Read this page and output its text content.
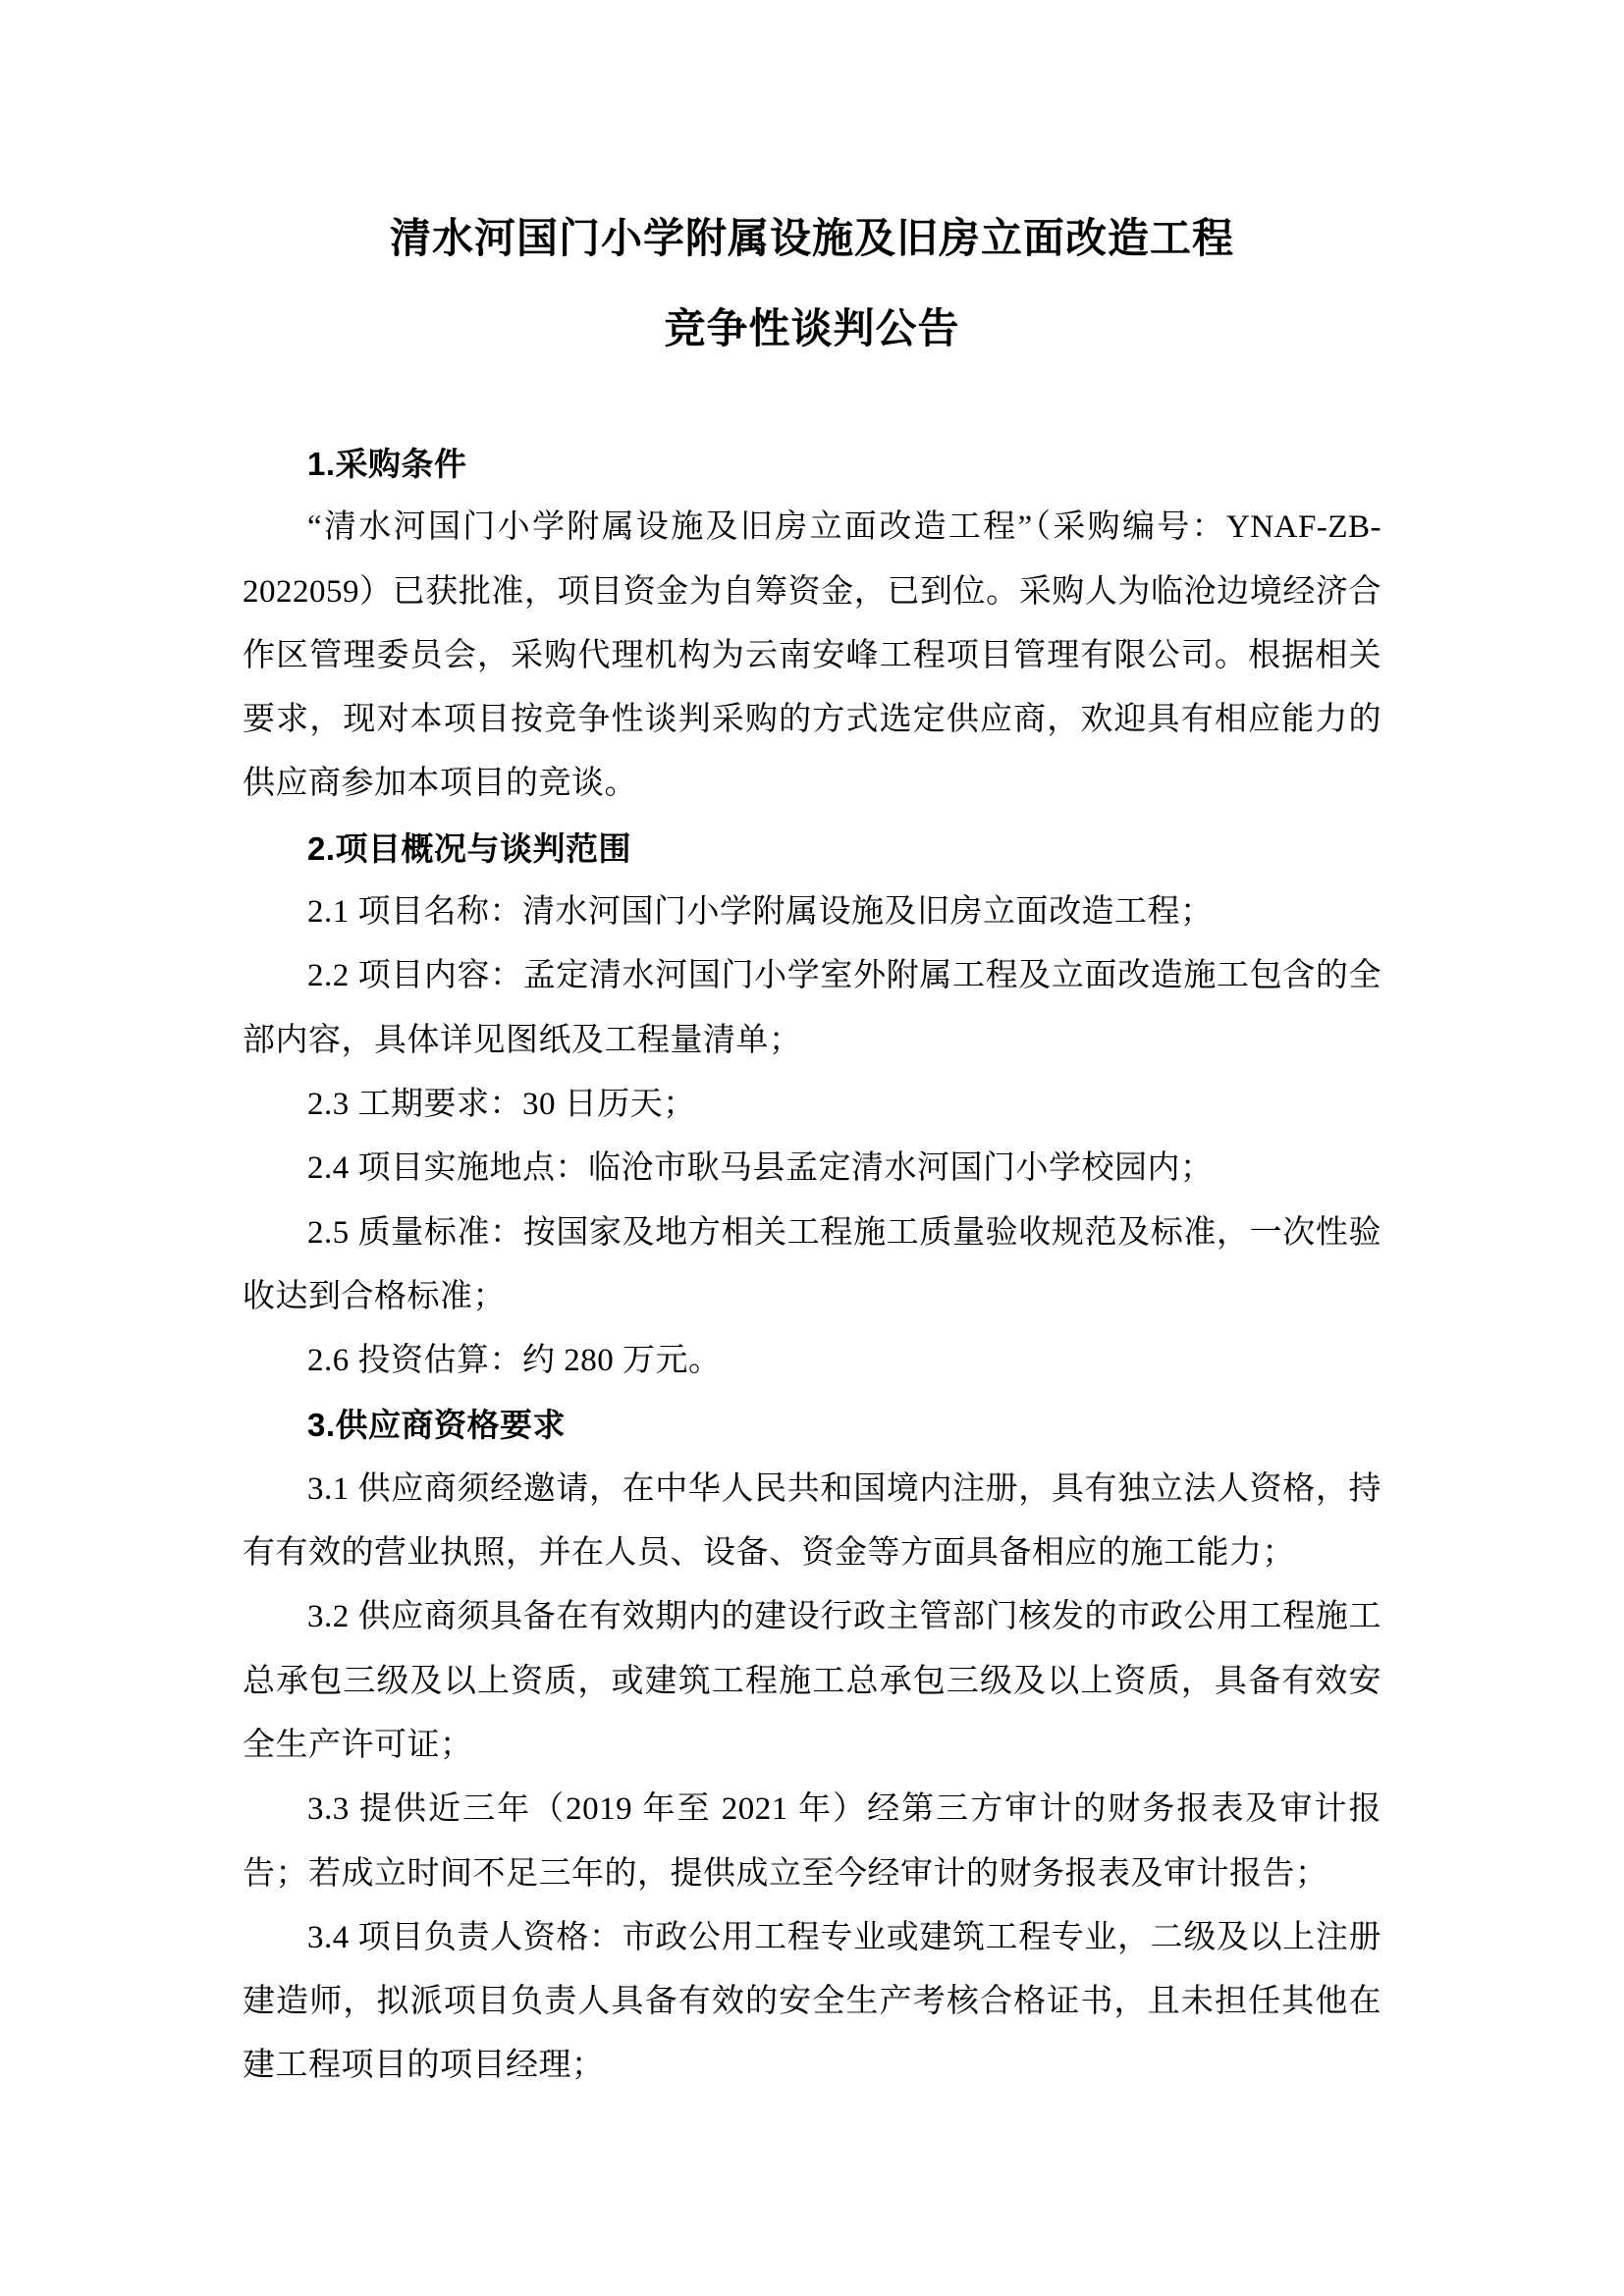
清水河国门小学附属设施及旧房立面改造工程
竞争性谈判公告
1.采购条件

“清水河国门小学附属设施及旧房立面改造工程”（采购编号：YNAF-ZB-2022059）已获批准，项目资金为自筹资金，已到位。采购人为临沧边境经济合作区管理委员会，采购代理机构为云南安峰工程项目管理有限公司。根据相关要求，现对本项目按竞争性谈判采购的方式选定供应商，欢迎具有相应能力的供应商参加本项目的竞谈。

2.项目概况与谈判范围

2.1 项目名称：清水河国门小学附属设施及旧房立面改造工程；

2.2 项目内容：孟定清水河国门小学室外附属工程及立面改造施工包含的全部内容，具体详见图纸及工程量清单；

2.3 工期要求：30 日历天；

2.4 项目实施地点：临沧市耿马县孟定清水河国门小学校园内；

2.5 质量标准：按国家及地方相关工程施工质量验收规范及标准，一次性验收达到合格标准；

2.6 投资估算：约 280 万元。

3.供应商资格要求

3.1 供应商须经邀请，在中华人民共和国境内注册，具有独立法人资格，持有有效的营业执照，并在人员、设备、资金等方面具备相应的施工能力；

3.2 供应商须具备在有效期内的建设行政主管部门核发的市政公用工程施工总承包三级及以上资质，或建筑工程施工总承包三级及以上资质，具备有效安全生产许可证；

3.3 提供近三年（2019 年至 2021 年）经第三方审计的财务报表及审计报告；若成立时间不足三年的，提供成立至今经审计的财务报表及审计报告；

3.4 项目负责人资格：市政公用工程专业或建筑工程专业，二级及以上注册建造师，拟派项目负责人具备有效的安全生产考核合格证书，且未担任其他在建工程项目的项目经理；
